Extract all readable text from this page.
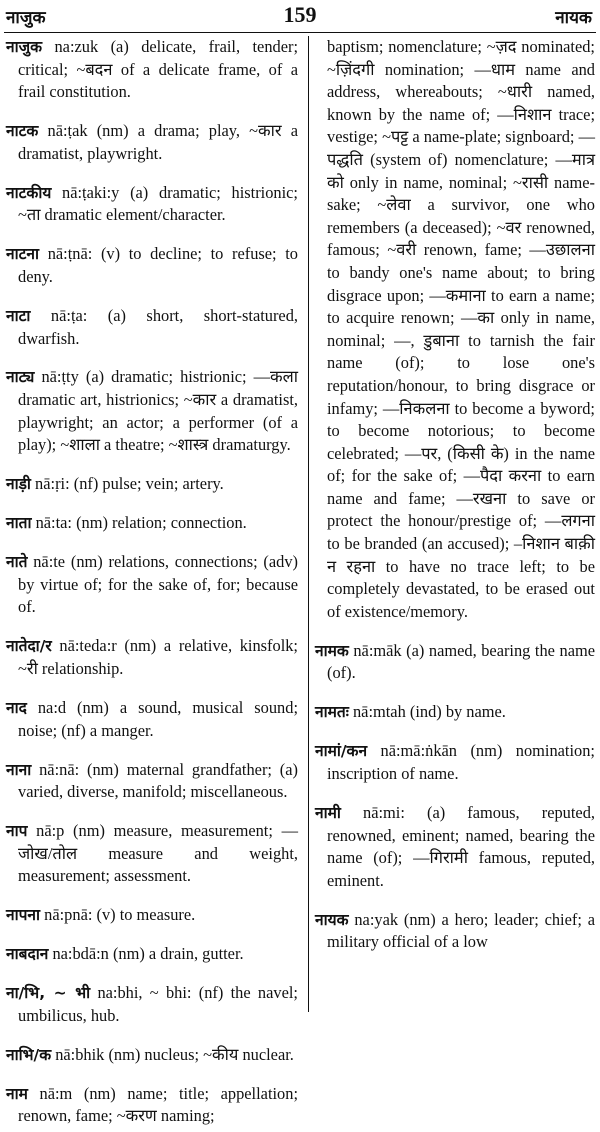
नाजुक	159	नायक

नाजुक na:zuk (a) delicate, frail, tender; critical; ~बदन of a delicate frame, of a frail constitution.

नाटक nā:ṭak (nm) a drama; play, ~कार a dramatist, playwright.

नाटकीय nā:ṭaki:y (a) dramatic; histrionic; ~ता dramatic element/character.

नाटना nā:ṭnā: (v) to decline; to refuse; to deny.

नाटा nā:ṭa: (a) short, short-statured, dwarfish.

नाट्य nā:ṭty (a) dramatic; histrionic; —कला dramatic art, histrionics; ~कार a dramatist, playwright; an actor; a performer (of a play); ~शाला a theatre; ~शास्त्र dramaturgy.

नाड़ी nā:ṛi: (nf) pulse; vein; artery.

नाता nā:ta: (nm) relation; connection.

नाते nā:te (nm) relations, connections; (adv) by virtue of; for the sake of, for; because of.

नातेदा/र nā:teda:r (nm) a relative, kinsfolk; ~री relationship.

नाद na:d (nm) a sound, musical sound; noise; (nf) a manger.

नाना nā:nā: (nm) maternal grandfather; (a) varied, diverse, manifold; miscellaneous.

नाप nā:p (nm) measure, measurement; —जोख/तोल measure and weight, measurement; assessment.

नापना nā:pnā: (v) to measure.

नाबदान na:bdā:n (nm) a drain, gutter.

ना/भि, ~ भी na:bhi, ~ bhi: (nf) the navel; umbilicus, hub.

नाभि/क nā:bhik (nm) nucleus; ~कीय nuclear.

नाम nā:m (nm) name; title; appellation; renown, fame; ~करण naming;

baptism; nomenclature; ~ज़द nominated; ~ज़िंदगी nomination; —धाम name and address, whereabouts; ~धारी named, known by the name of; —निशान trace; vestige; ~पट्ट a name-plate; signboard; —पद्धति (system of) nomenclature; —मात्र को only in name, nominal; ~रासी name-sake; ~लेवा a survivor, one who remembers (a deceased); ~वर renowned, famous; ~वरी renown, fame; —उछालना to bandy one's name about; to bring disgrace upon; —कमाना to earn a name; to acquire renown; —का only in name, nominal; —, डुबाना to tarnish the fair name (of); to lose one's reputation/honour, to bring disgrace or infamy; —निकलना to become a byword; to become notorious; to become celebrated; —पर, (किसी के) in the name of; for the sake of; —पैदा करना to earn name and fame; —रखना to save or protect the honour/prestige of; —लगना to be branded (an accused); –निशान बाक़ी न रहना to have no trace left; to be completely devastated, to be erased out of existence/memory.

नामक nā:māk (a) named, bearing the name (of).

नामतः nā:mtah (ind) by name.

नामां/कन nā:mā:ṅkān (nm) nomination; inscription of name.

नामी nā:mi: (a) famous, reputed, renowned, eminent; named, bearing the name (of); —गिरामी famous, reputed, eminent.

नायक na:yak (nm) a hero; leader; chief; a military official of a low
